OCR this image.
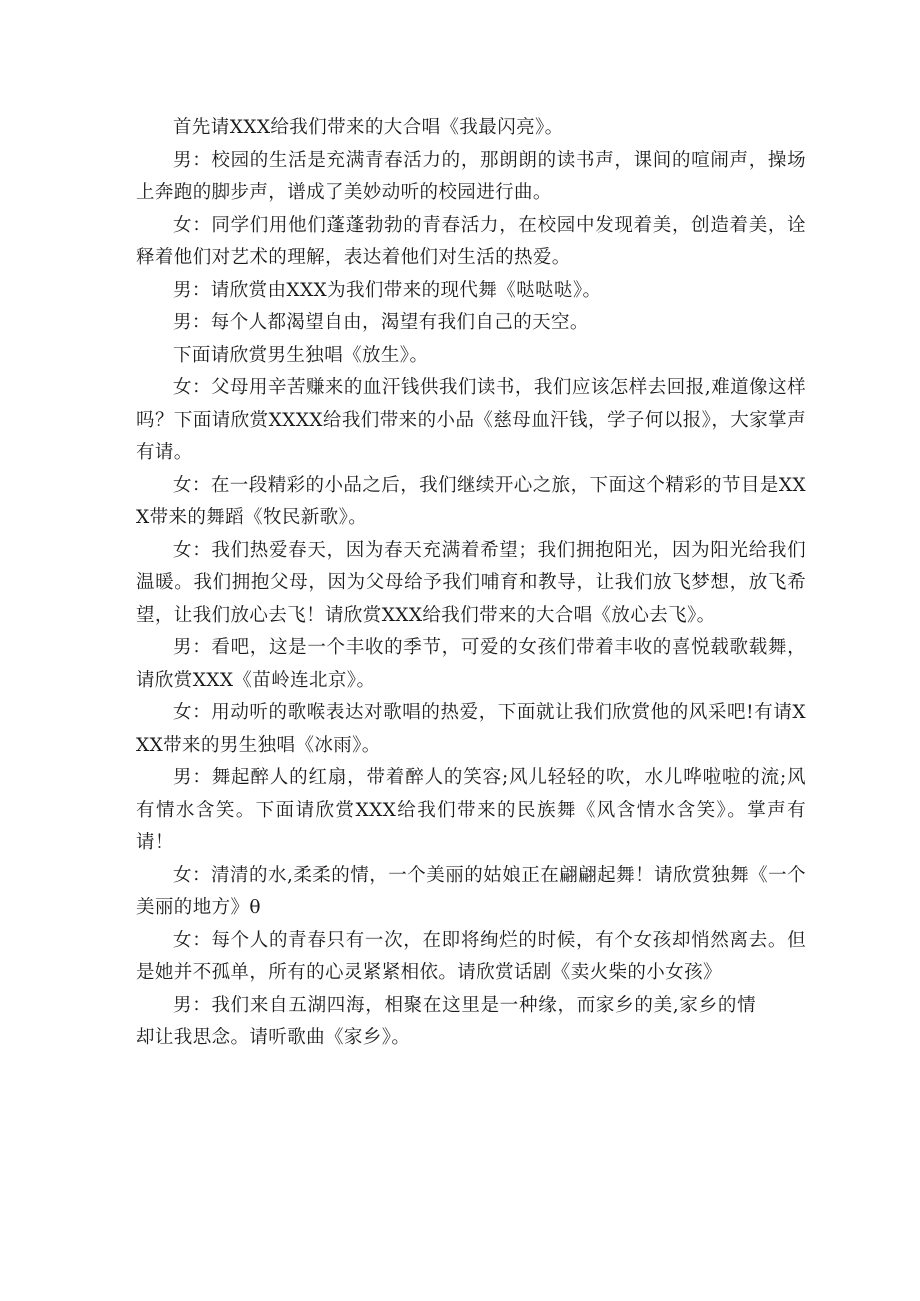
首先请XXX给我们带来的大合唱《我最闪亮》。

男：校园的生活是充满青春活力的，那朗朗的读书声，课间的喧闹声，操场上奔跑的脚步声，谱成了美妙动听的校园进行曲。

女：同学们用他们蓬蓬勃勃的青春活力，在校园中发现着美，创造着美，诠释着他们对艺术的理解，表达着他们对生活的热爱。

男：请欣赏由XXX为我们带来的现代舞《哒哒哒》。

男：每个人都渴望自由，渴望有我们自己的天空。

下面请欣赏男生独唱《放生》。

女：父母用辛苦赚来的血汗钱供我们读书，我们应该怎样去回报,难道像这样吗？下面请欣赏XXXX给我们带来的小品《慈母血汗钱，学子何以报》，大家掌声有请。

女：在一段精彩的小品之后，我们继续开心之旅，下面这个精彩的节目是XXX带来的舞蹈《牧民新歌》。

女：我们热爱春天，因为春天充满着希望；我们拥抱阳光，因为阳光给我们温暖。我们拥抱父母，因为父母给予我们哺育和教导，让我们放飞梦想，放飞希望，让我们放心去飞！请欣赏XXX给我们带来的大合唱《放心去飞》。

男：看吧，这是一个丰收的季节，可爱的女孩们带着丰收的喜悦载歌载舞，请欣赏XXX《苗岭连北京》。

女：用动听的歌喉表达对歌唱的热爱，下面就让我们欣赏他的风采吧!有请XXX带来的男生独唱《冰雨》。

男：舞起醉人的红扇，带着醉人的笑容;风儿轻轻的吹，水儿哗啦啦的流;风有情水含笑。下面请欣赏XXX给我们带来的民族舞《风含情水含笑》。掌声有请！

女：清清的水,柔柔的情，一个美丽的姑娘正在翩翩起舞！请欣赏独舞《一个美丽的地方》θ

女：每个人的青春只有一次，在即将绚烂的时候，有个女孩却悄然离去。但是她并不孤单，所有的心灵紧紧相依。请欣赏话剧《卖火柴的小女孩》

男：我们来自五湖四海，相聚在这里是一种缘，而家乡的美,家乡的情却让我思念。请听歌曲《家乡》。
